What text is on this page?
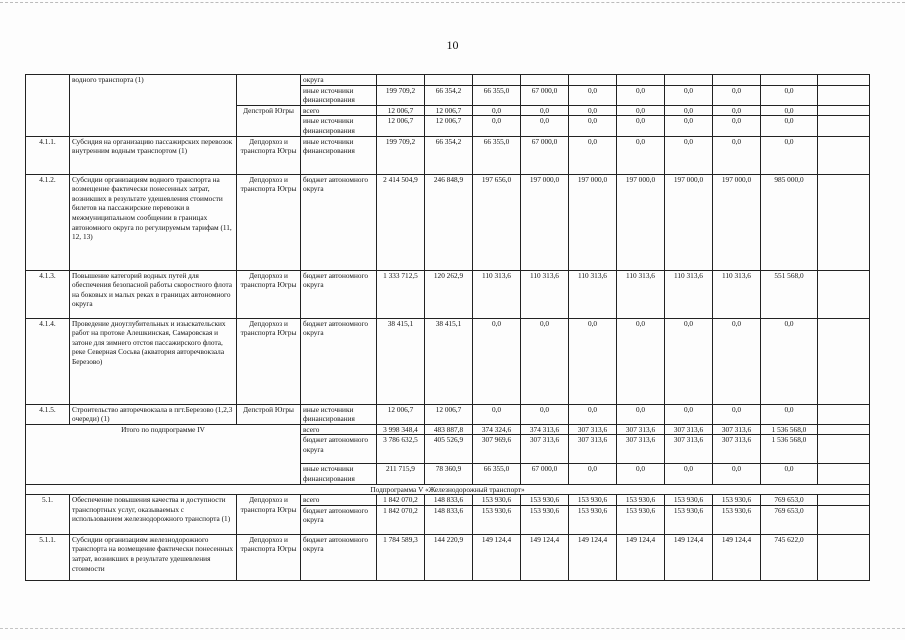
10
	водного транспорта (1)		округа										
			иные источники финансирования	199 709,2	66 354,2	66 355,0	67 000,0	0,0	0,0	0,0	0,0	0,0	
		Депстрой Югры	всего	12 006,7	12 006,7	0,0	0,0	0,0	0,0	0,0	0,0	0,0	
			иные источники финансирования	12 006,7	12 006,7	0,0	0,0	0,0	0,0	0,0	0,0	0,0	
4.1.1.	Субсидия на организацию пассажирских перевозок внутренним водным транспортом (1)	Депдорхоз и транспорта Югры	иные источники финансирования	199 709,2	66 354,2	66 355,0	67 000,0	0,0	0,0	0,0	0,0	0,0	
4.1.2.	Субсидии организациям водного транспорта на возмещение фактически понесенных затрат, возникших в результате удешевления стоимости билетов на пассажирские перевозки в межмуниципальном сообщении в границах автономного округа по регулируемым тарифам (11, 12, 13)	Депдорхоз и транспорта Югры	бюджет автономного округа	2 414 504,9	246 848,9	197 656,0	197 000,0	197 000,0	197 000,0	197 000,0	197 000,0	985 000,0	
4.1.3.	Повышение категорий водных путей для обеспечения безопасной работы скоростного флота на боковых и малых реках в границах автономного округа	Депдорхоз и транспорта Югры	бюджет автономного округа	1 333 712,5	120 262,9	110 313,6	110 313,6	110 313,6	110 313,6	110 313,6	110 313,6	551 568,0	
4.1.4.	Проведение дноуглубительных и изыскательских работ на протоке Алешкинская, Самаровская и затоне для зимнего отстоя пассажирского флота, реке Северная Сосьва (акватория авторечвокзала Березово)	Депдорхоз и транспорта Югры	бюджет автономного округа	38 415,1	38 415,1	0,0	0,0	0,0	0,0	0,0	0,0	0,0	
4.1.5.	Строительство авторечвокзала в пгт.Березово (1,2,3 очереди) (1)	Депстрой Югры	иные источники финансирования	12 006,7	12 006,7	0,0	0,0	0,0	0,0	0,0	0,0	0,0	
Итого по подпрограмме IV			всего	3 998 348,4	483 887,8	374 324,6	374 313,6	307 313,6	307 313,6	307 313,6	307 313,6	1 536 568,0	
			бюджет автономного округа	3 786 632,5	405 526,9	307 969,6	307 313,6	307 313,6	307 313,6	307 313,6	307 313,6	1 536 568,0	
			иные источники финансирования	211 715,9	78 360,9	66 355,0	67 000,0	0,0	0,0	0,0	0,0	0,0	
Подпрограмма V «Железнодорожный транспорт»													
5.1.	Обеспечение повышения качества и доступности транспортных услуг, оказываемых с использованием железнодорожного транспорта (1)	Депдорхоз и транспорта Югры	всего	1 842 070,2	148 833,6	153 930,6	153 930,6	153 930,6	153 930,6	153 930,6	153 930,6	769 653,0	
			бюджет автономного округа	1 842 070,2	148 833,6	153 930,6	153 930,6	153 930,6	153 930,6	153 930,6	153 930,6	769 653,0	
5.1.1.	Субсидии организациям железнодорожного транспорта на возмещение фактически понесенных затрат, возникших в результате удешевления стоимости	Депдорхоз и транспорта Югры	бюджет автономного округа	1 784 589,3	144 220,9	149 124,4	149 124,4	149 124,4	149 124,4	149 124,4	149 124,4	745 622,0	
